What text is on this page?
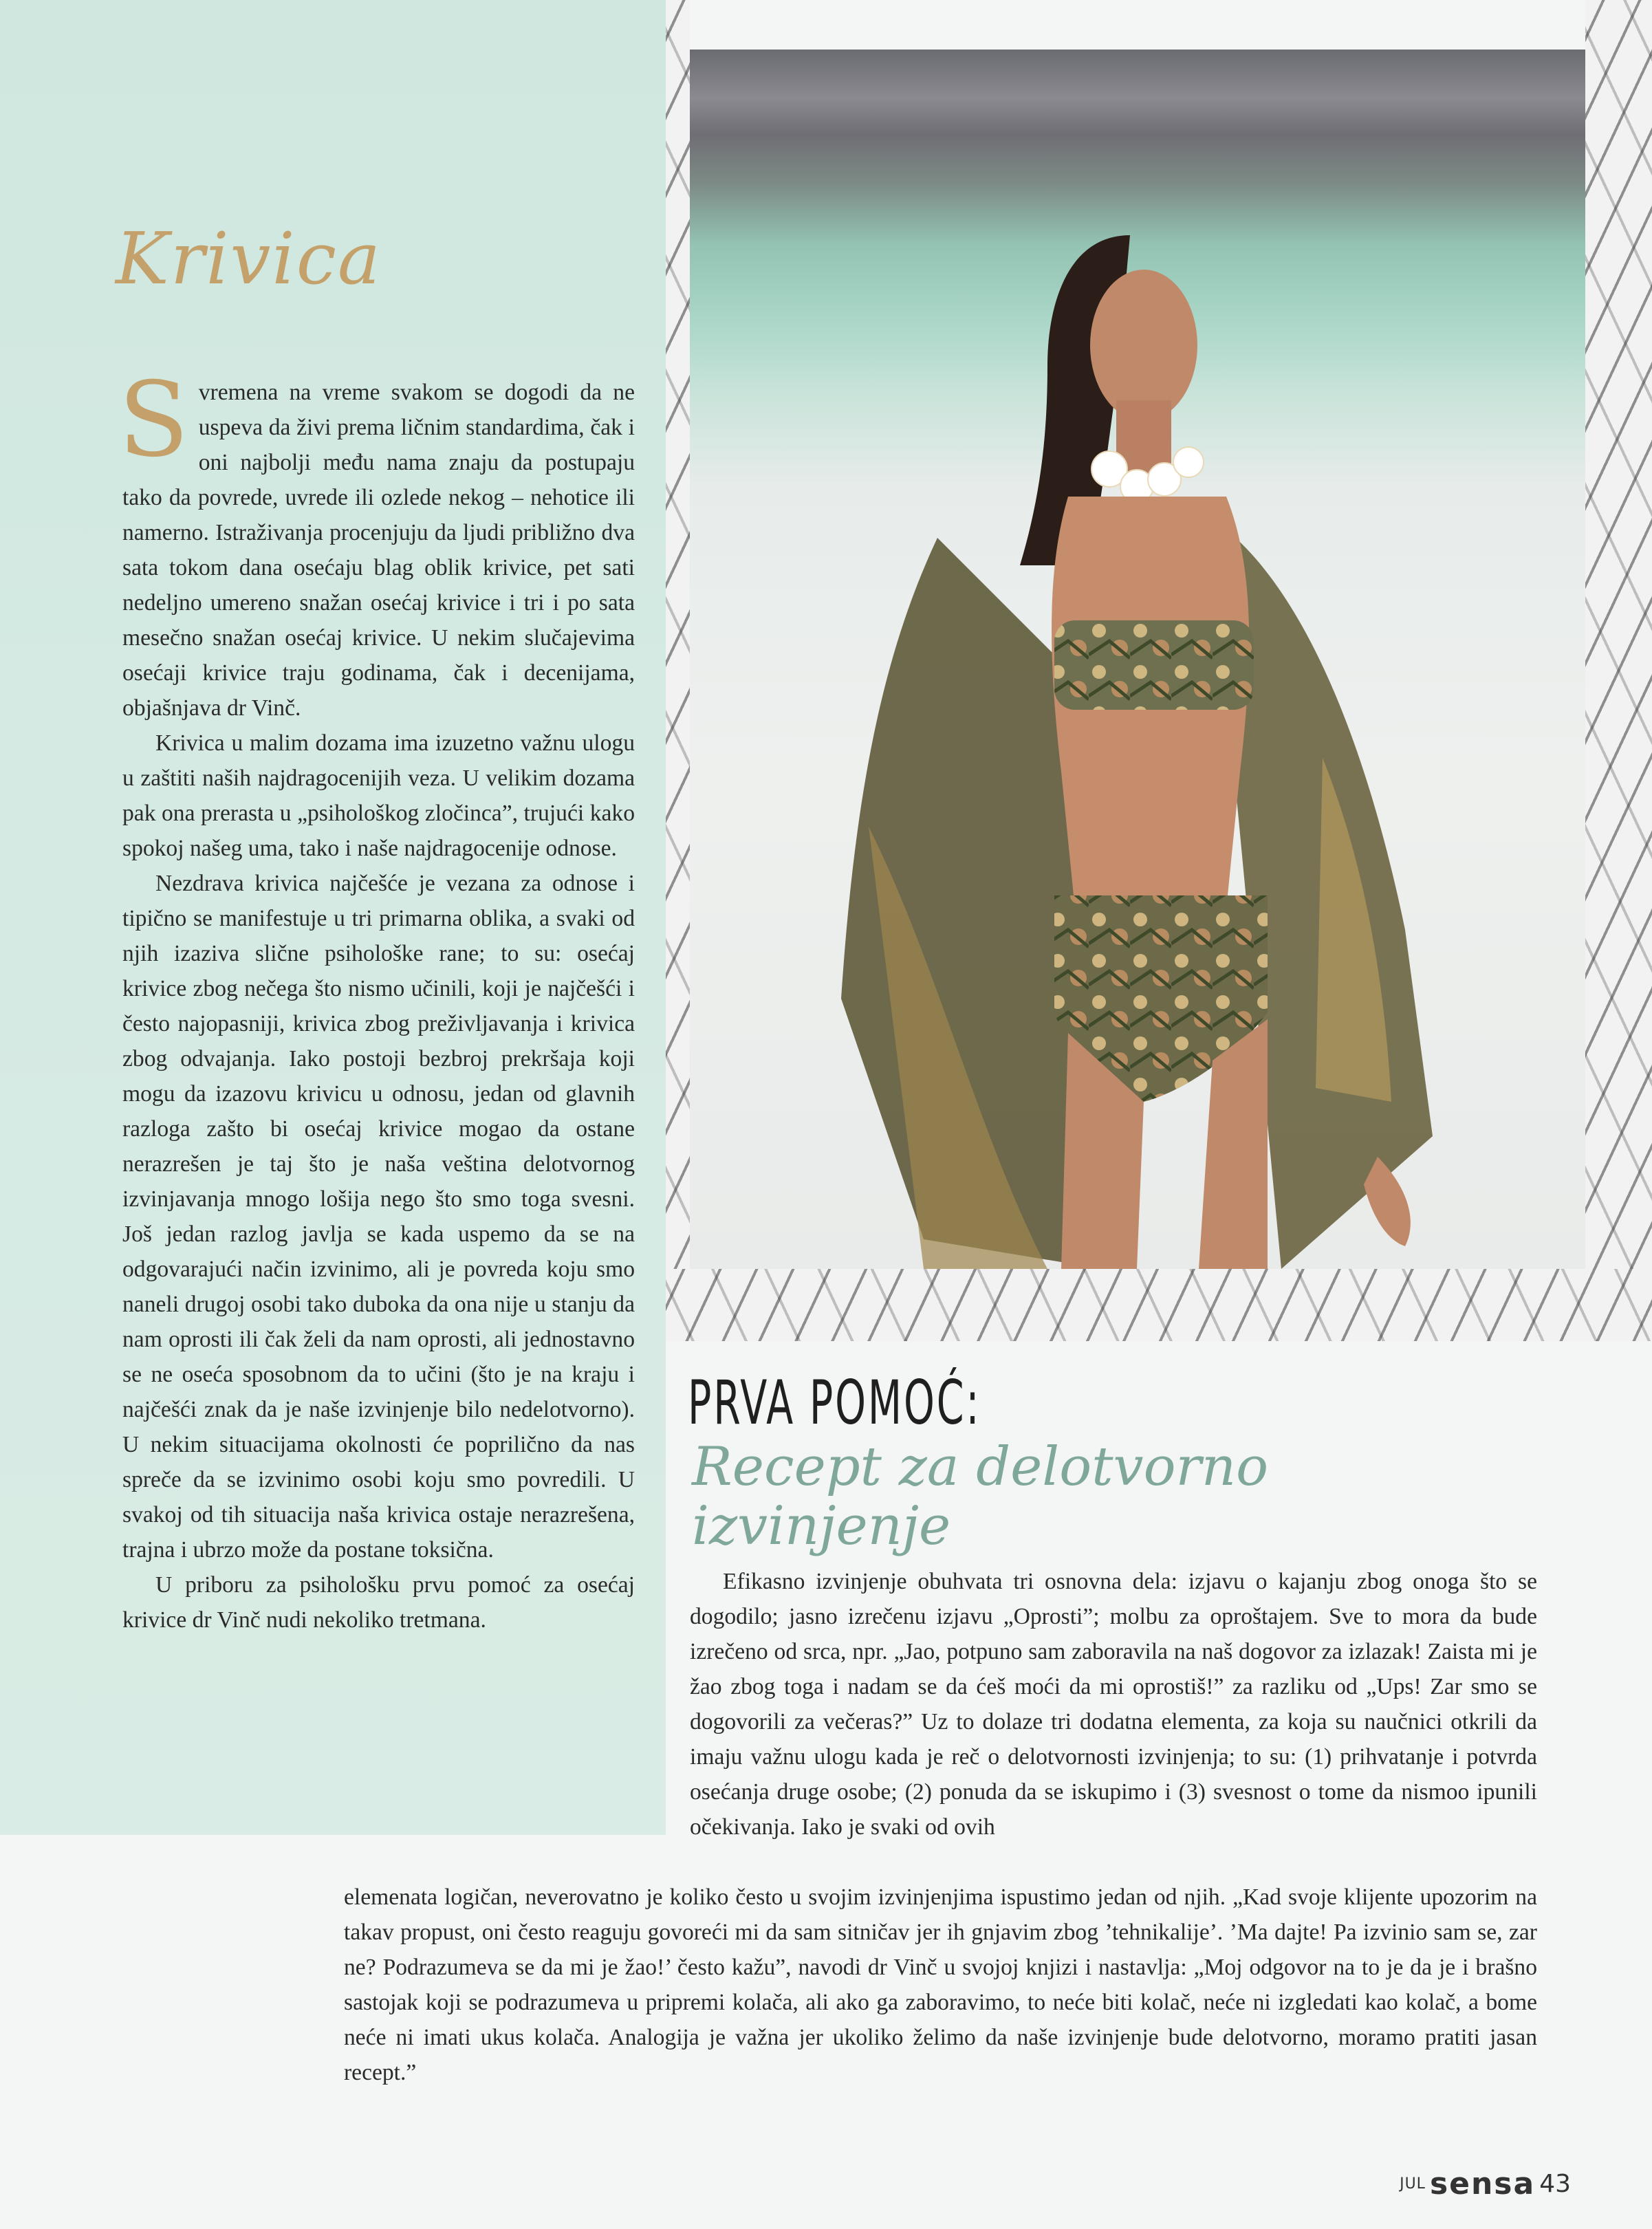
Krivica

Svremena na vreme svakom se dogodi da ne uspeva da živi prema ličnim standardima, čak i oni najbolji među nama znaju da postupaju tako da povrede, uvrede ili ozlede nekog – nehotice ili namerno. Istraživanja procenjuju da ljudi približno dva sata tokom dana osećaju blag oblik krivice, pet sati nedeljno umereno snažan osećaj krivice i tri i po sata mesečno snažan osećaj krivice. U nekim slučajevima osećaji krivice traju godinama, čak i decenijama, objašnjava dr Vinč.

Krivica u malim dozama ima izuzetno važnu ulogu u zaštiti naših najdragocenijih veza. U velikim dozama pak ona prerasta u „psihološkog zločinca”, trujući kako spokoj našeg uma, tako i naše najdragocenije odnose.

Nezdrava krivica najčešće je vezana za odnose i tipično se manifestuje u tri primarna oblika, a svaki od njih izaziva slične psihološke rane; to su: osećaj krivice zbog nečega što nismo učinili, koji je najčešći i često najopasniji, krivica zbog preživljavanja i krivica zbog odvajanja. Iako postoji bezbroj prekršaja koji mogu da izazovu krivicu u odnosu, jedan od glavnih razloga zašto bi osećaj krivice mogao da ostane nerazrešen je taj što je naša veština delotvornog izvinjavanja mnogo lošija nego što smo toga svesni. Još jedan razlog javlja se kada uspemo da se na odgovarajući način izvinimo, ali je povreda koju smo naneli drugoj osobi tako duboka da ona nije u stanju da nam oprosti ili čak želi da nam oprosti, ali jednostavno se ne oseća sposobnom da to učini (što je na kraju i najčešći znak da je naše izvinjenje bilo nedelotvorno). U nekim situacijama okolnosti će poprilično da nas spreče da se izvinimo osobi koju smo povredili. U svakoj od tih situacija naša krivica ostaje nerazrešena, trajna i ubrzo može da postane toksična.

U priboru za psihološku prvu pomoć za osećaj krivice dr Vinč nudi nekoliko tretmana.

PRVA POMOĆ:
Recept za delotvorno izvinjenje

Efikasno izvinjenje obuhvata tri osnovna dela: izjavu o kajanju zbog onoga što se dogodilo; jasno izrečenu izjavu „Oprosti”; molbu za oproštajem. Sve to mora da bude izrečeno od srca, npr. „Jao, potpuno sam zaboravila na naš dogovor za izlazak! Zaista mi je žao zbog toga i nadam se da ćeš moći da mi oprostiš!” za razliku od „Ups! Zar smo se dogovorili za večeras?” Uz to dolaze tri dodatna elementa, za koja su naučnici otkrili da imaju važnu ulogu kada je reč o delotvornosti izvinjenja; to su: (1) prihvatanje i potvrda osećanja druge osobe; (2) ponuda da se iskupimo i (3) svesnost o tome da nismoo ipunili očekivanja. Iako je svaki od ovih

elemenata logičan, neverovatno je koliko često u svojim izvinjenjima ispustimo jedan od njih. „Kad svoje klijente upozorim na takav propust, oni često reaguju govoreći mi da sam sitničav jer ih gnjavim zbog ’tehnikalije’. ’Ma dajte! Pa izvinio sam se, zar ne? Podrazumeva se da mi je žao!’ često kažu”, navodi dr Vinč u svojoj knjizi i nastavlja: „Moj odgovor na to je da je i brašno sastojak koji se podrazumeva u pripremi kolača, ali ako ga zaboravimo, to neće biti kolač, neće ni izgledati kao kolač, a bome neće ni imati ukus kolača. Analogija je važna jer ukoliko želimo da naše izvinjenje bude delotvorno, moramo pratiti jasan recept.”

JUL sensa 43
